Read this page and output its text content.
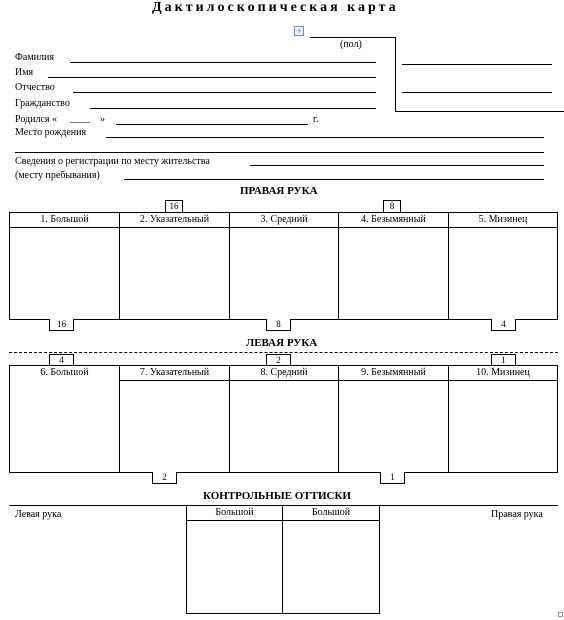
Дактилоскопическая карта
+
(пол)
Фамилия
Имя
Отчество
Гражданство
Родился « ____ »	г.
Место рождения
Сведения о регистрации по месту жительства
(месту пребывания)
ПРАВАЯ РУКА
16	8
1. Большой	2. Указательный	3. Средний	4. Безымянный	5. Мизинец
16	8	4
ЛЕВАЯ РУКА
4	2	1
6. Большой	7. Указательный	8. Средний	9. Безымянный	10. Мизинец
2	1
КОНТРОЛЬНЫЕ ОТТИСКИ
Левая рука	Правая рука
Большой	Большой
